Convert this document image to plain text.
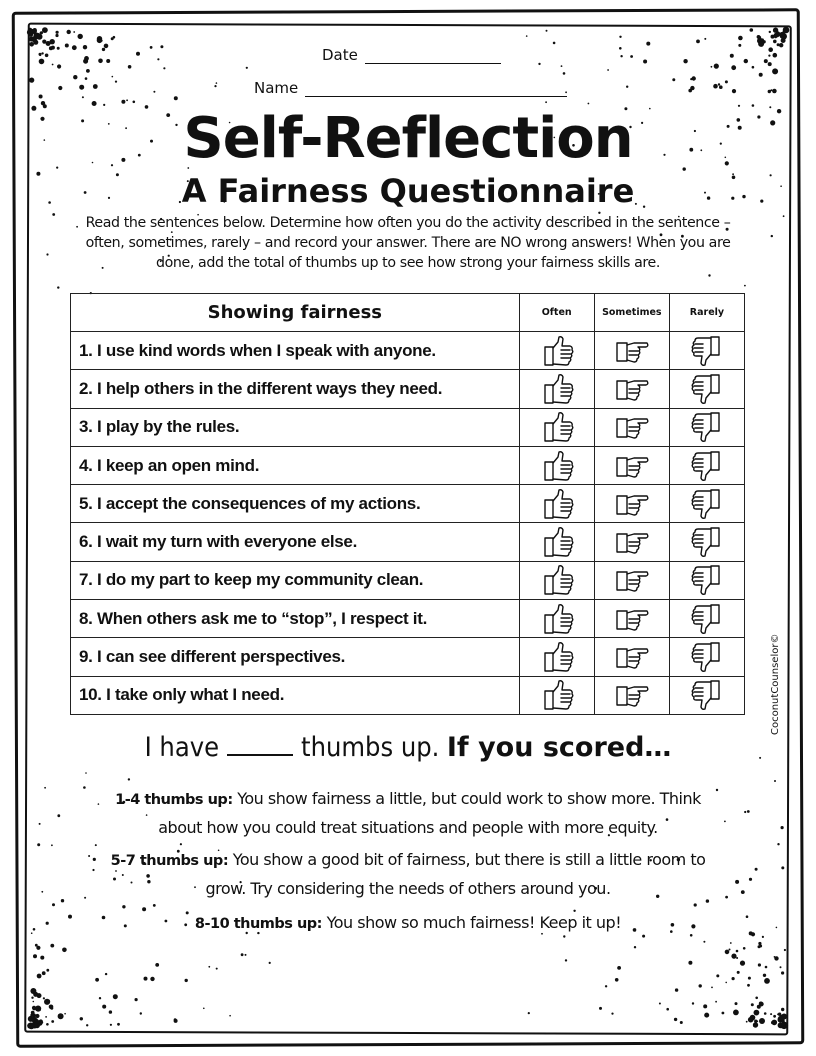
Date
Name
Self-Reflection
A Fairness Questionnaire
Read the sentences below. Determine how often you do the activity described in the sentence – often, sometimes, rarely – and record your answer. There are NO wrong answers! When you are done, add the total of thumbs up to see how strong your fairness skills are.
Showing fairness	Often	Sometimes	Rarely
1. I use kind words when I speak with anyone.	

2. I help others in the different ways they need.	

3. I play by the rules.	

4. I keep an open mind.	

5. I accept the consequences of my actions.	

6. I wait my turn with everyone else.	

7. I do my part to keep my community clean.	

8. When others ask me to “stop”, I respect it.	

9. I can see different perspectives.	

10. I take only what I need.	

I have	thumbs up. If you scored…
1-4 thumbs up: You show fairness a little, but could work to show more. Think about how you could treat situations and people with more equity.
5-7 thumbs up: You show a good bit of fairness, but there is still a little room to grow. Try considering the needs of others around you.
8-10 thumbs up: You show so much fairness! Keep it up!
CoconutCounselor©
